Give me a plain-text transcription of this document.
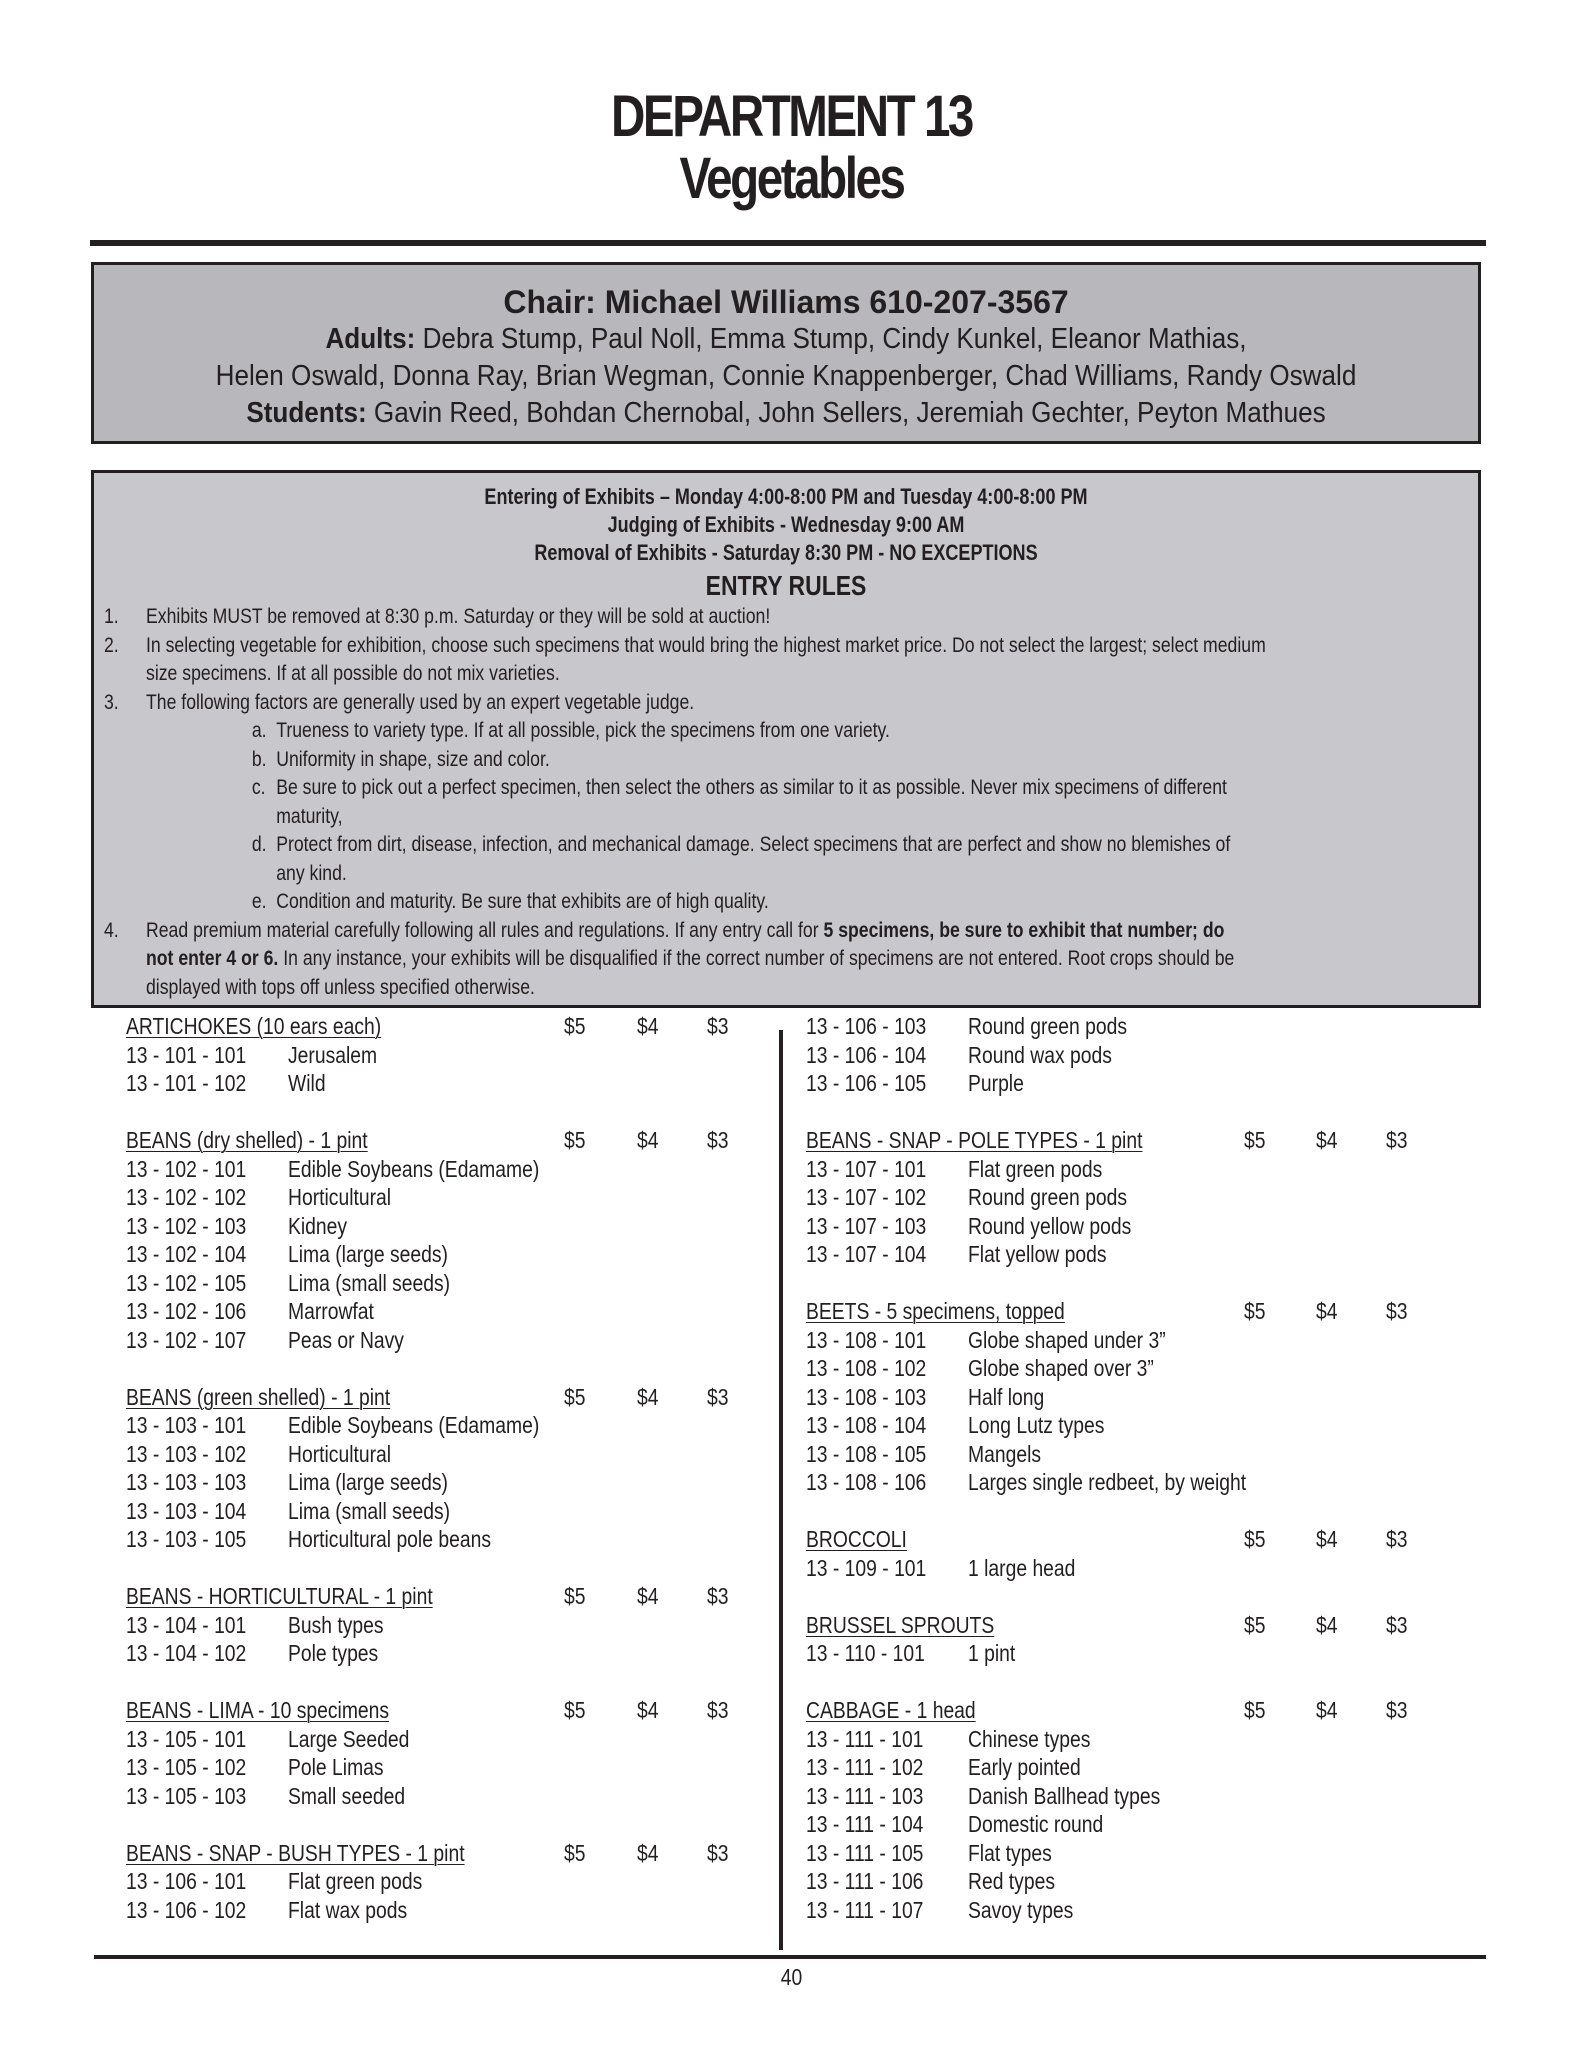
DEPARTMENT 13
Vegetables
Chair: Michael Williams 610-207-3567
Adults: Debra Stump, Paul Noll, Emma Stump, Cindy Kunkel, Eleanor Mathias,
Helen Oswald, Donna Ray, Brian Wegman, Connie Knappenberger, Chad Williams, Randy Oswald
Students: Gavin Reed, Bohdan Chernobal, John Sellers, Jeremiah Gechter, Peyton Mathues
Entering of Exhibits – Monday 4:00-8:00 PM and Tuesday 4:00-8:00 PM
Judging of Exhibits - Wednesday 9:00 AM
Removal of Exhibits - Saturday 8:30 PM - NO EXCEPTIONS
ENTRY RULES
1. Exhibits MUST be removed at 8:30 p.m. Saturday or they will be sold at auction!
2. In selecting vegetable for exhibition, choose such specimens that would bring the highest market price. Do not select the largest; select medium
size specimens. If at all possible do not mix varieties.
3. The following factors are generally used by an expert vegetable judge.
a. Trueness to variety type. If at all possible, pick the specimens from one variety.
b. Uniformity in shape, size and color.
c. Be sure to pick out a perfect specimen, then select the others as similar to it as possible. Never mix specimens of different
maturity,
d. Protect from dirt, disease, infection, and mechanical damage. Select specimens that are perfect and show no blemishes of
any kind.
e. Condition and maturity. Be sure that exhibits are of high quality.
4. Read premium material carefully following all rules and regulations. If any entry call for 5 specimens, be sure to exhibit that number; do
not enter 4 or 6. In any instance, your exhibits will be disqualified if the correct number of specimens are not entered. Root crops should be
displayed with tops off unless specified otherwise.
ARTICHOKES (10 ears each)	$5 $4 $3
13 - 101 - 101 Jerusalem
13 - 101 - 102 Wild
BEANS (dry shelled) - 1 pint	$5 $4 $3
13 - 102 - 101 Edible Soybeans (Edamame)
13 - 102 - 102 Horticultural
13 - 102 - 103 Kidney
13 - 102 - 104 Lima (large seeds)
13 - 102 - 105 Lima (small seeds)
13 - 102 - 106 Marrowfat
13 - 102 - 107 Peas or Navy
BEANS (green shelled) - 1 pint	$5 $4 $3
13 - 103 - 101 Edible Soybeans (Edamame)
13 - 103 - 102 Horticultural
13 - 103 - 103 Lima (large seeds)
13 - 103 - 104 Lima (small seeds)
13 - 103 - 105 Horticultural pole beans
BEANS - HORTICULTURAL - 1 pint	$5 $4 $3
13 - 104 - 101 Bush types
13 - 104 - 102 Pole types
BEANS - LIMA - 10 specimens	$5 $4 $3
13 - 105 - 101 Large Seeded
13 - 105 - 102 Pole Limas
13 - 105 - 103 Small seeded
BEANS - SNAP - BUSH TYPES - 1 pint	$5 $4 $3
13 - 106 - 101 Flat green pods
13 - 106 - 102 Flat wax pods
13 - 106 - 103 Round green pods
13 - 106 - 104 Round wax pods
13 - 106 - 105 Purple
BEANS - SNAP - POLE TYPES - 1 pint	$5 $4 $3
13 - 107 - 101 Flat green pods
13 - 107 - 102 Round green pods
13 - 107 - 103 Round yellow pods
13 - 107 - 104 Flat yellow pods
BEETS - 5 specimens, topped	$5 $4 $3
13 - 108 - 101 Globe shaped under 3”
13 - 108 - 102 Globe shaped over 3”
13 - 108 - 103 Half long
13 - 108 - 104 Long Lutz types
13 - 108 - 105 Mangels
13 - 108 - 106 Larges single redbeet, by weight
BROCCOLI	$5 $4 $3
13 - 109 - 101 1 large head
BRUSSEL SPROUTS	$5 $4 $3
13 - 110 - 101 1 pint
CABBAGE - 1 head	$5 $4 $3
13 - 111 - 101 Chinese types
13 - 111 - 102 Early pointed
13 - 111 - 103 Danish Ballhead types
13 - 111 - 104 Domestic round
13 - 111 - 105 Flat types
13 - 111 - 106 Red types
13 - 111 - 107 Savoy types
40
